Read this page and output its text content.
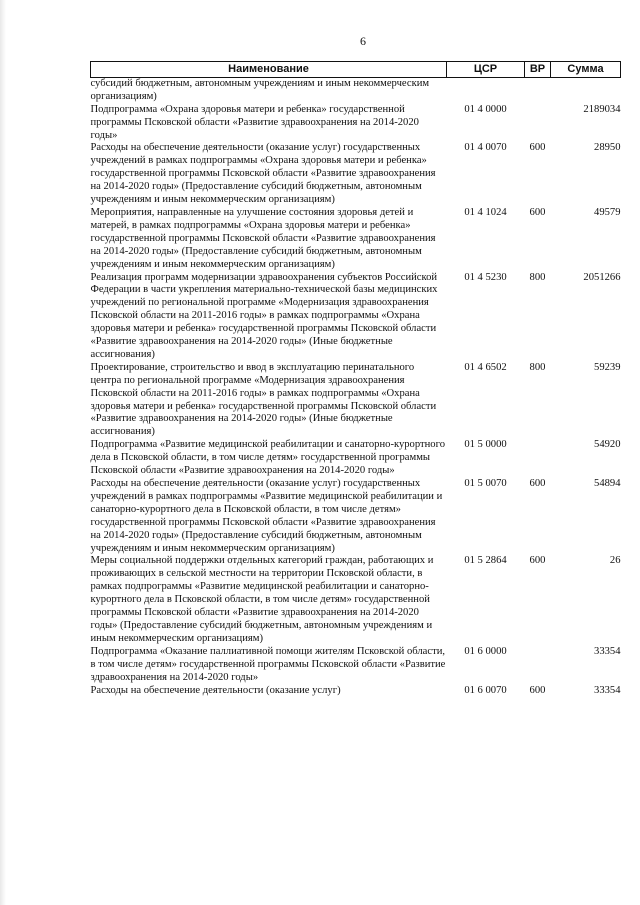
6
Наименование	ЦСР	ВР	Сумма
субсидий бюджетным, автономным учреждениям и иным некоммерческим организациям)			
Подпрограмма «Охрана здоровья матери и ребенка» государственной программы Псковской области «Развитие здравоохранения на 2014-2020 годы»	01 4 0000		2189034
Расходы на обеспечение деятельности (оказание услуг) государственных учреждений в рамках подпрограммы «Охрана здоровья матери и ребенка» государственной программы Псковской области «Развитие здравоохранения на 2014-2020 годы» (Предоставление субсидий бюджетным, автономным учреждениям и иным некоммерческим организациям)	01 4 0070	600	28950
Мероприятия, направленные на улучшение состояния здоровья детей и матерей, в рамках подпрограммы «Охрана здоровья матери и ребенка» государственной программы Псковской области «Развитие здравоохранения на 2014-2020 годы» (Предоставление субсидий бюджетным, автономным учреждениям и иным некоммерческим организациям)	01 4 1024	600	49579
Реализация программ модернизации здравоохранения субъектов Российской Федерации в части укрепления материально-технической базы медицинских учреждений по региональной программе «Модернизация здравоохранения Псковской области на 2011-2016 годы» в рамках подпрограммы «Охрана здоровья матери и ребенка» государственной программы Псковской области «Развитие здравоохранения на 2014-2020 годы» (Иные бюджетные ассигнования)	01 4 5230	800	2051266
Проектирование, строительство и ввод в эксплуатацию перинатального центра по региональной программе «Модернизация здравоохранения Псковской области на 2011-2016 годы» в рамках подпрограммы «Охрана здоровья матери и ребенка» государственной программы Псковской области «Развитие здравоохранения на 2014-2020 годы» (Иные бюджетные ассигнования)	01 4 6502	800	59239
Подпрограмма «Развитие медицинской реабилитации и санаторно-курортного дела в Псковской области, в том числе детям» государственной программы Псковской области «Развитие здравоохранения на 2014-2020 годы»	01 5 0000		54920
Расходы на обеспечение деятельности (оказание услуг) государственных учреждений в рамках подпрограммы «Развитие медицинской реабилитации и санаторно-курортного дела в Псковской области, в том числе детям» государственной программы Псковской области «Развитие здравоохранения на 2014-2020 годы» (Предоставление субсидий бюджетным, автономным учреждениям и иным некоммерческим организациям)	01 5 0070	600	54894
Меры социальной поддержки отдельных категорий граждан, работающих и проживающих в сельской местности на территории Псковской области, в рамках подпрограммы «Развитие медицинской реабилитации и санаторно-курортного дела в Псковской области, в том числе детям» государственной программы Псковской области «Развитие здравоохранения на 2014-2020 годы» (Предоставление субсидий бюджетным, автономным учреждениям и иным некоммерческим организациям)	01 5 2864	600	26
Подпрограмма «Оказание паллиативной помощи жителям Псковской области, в том числе детям» государственной программы Псковской области «Развитие здравоохранения на 2014-2020 годы»	01 6 0000		33354
Расходы на обеспечение деятельности (оказание услуг)	01 6 0070	600	33354
